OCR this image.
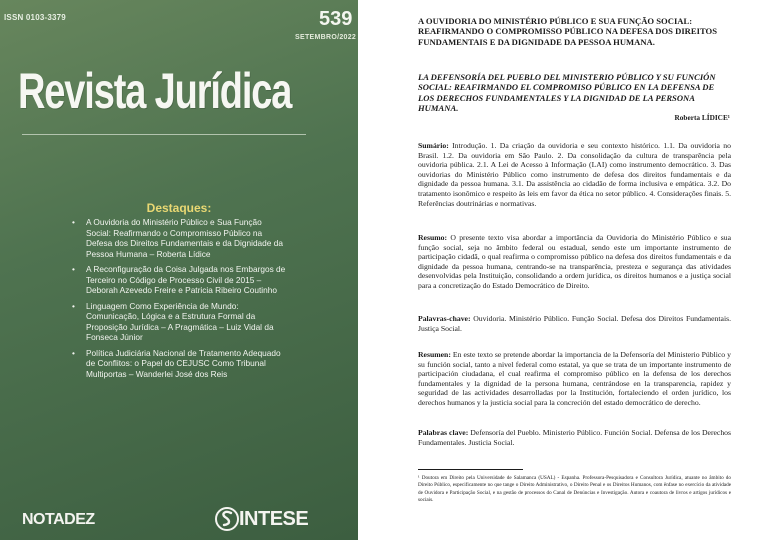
ISSN 0103-3379	539
SETEMBRO/2022
Revista Jurídica
Destaques:
• A Ouvidoria do Ministério Público e Sua Função Social: Reafirmando o Compromisso Público na Defesa dos Direitos Fundamentais e da Dignidade da Pessoa Humana – Roberta Lídice
• A Reconfiguração da Coisa Julgada nos Embargos de Terceiro no Código de Processo Civil de 2015 – Deborah Azevedo Freire e Patricia Ribeiro Coutinho
• Linguagem Como Experiência de Mundo: Comunicação, Lógica e a Estrutura Formal da Proposição Jurídica – A Pragmática – Luiz Vidal da Fonseca Júnior
• Política Judiciária Nacional de Tratamento Adequado de Conflitos: o Papel do CEJUSC Como Tribunal Multiportas – Wanderlei José dos Reis
NOTADEZ	INTESE
A OUVIDORIA DO MINISTÉRIO PÚBLICO E SUA FUNÇÃO SOCIAL: REAFIRMANDO O COMPROMISSO PÚBLICO NA DEFESA DOS DIREITOS FUNDAMENTAIS E DA DIGNIDADE DA PESSOA HUMANA.
LA DEFENSORÍA DEL PUEBLO DEL MINISTERIO PÚBLICO Y SU FUNCIÓN SOCIAL: REAFIRMANDO EL COMPROMISO PÚBLICO EN LA DEFENSA DE LOS DERECHOS FUNDAMENTALES Y LA DIGNIDAD DE LA PERSONA HUMANA.
Roberta LÍDICE¹
Sumário: Introdução. 1. Da criação da ouvidoria e seu contexto histórico. 1.1. Da ouvidoria no Brasil. 1.2. Da ouvidoria em São Paulo. 2. Da consolidação da cultura de transparência pela ouvidoria pública. 2.1. A Lei de Acesso à Informação (LAI) como instrumento democrático. 3. Das ouvidorias do Ministério Público como instrumento de defesa dos direitos fundamentais e da dignidade da pessoa humana. 3.1. Da assistência ao cidadão de forma inclusiva e empática. 3.2. Do tratamento isonômico e respeito às leis em favor da ética no setor público. 4. Considerações finais. 5. Referências doutrinárias e normativas.
Resumo: O presente texto visa abordar a importância da Ouvidoria do Ministério Público e sua função social, seja no âmbito federal ou estadual, sendo este um importante instrumento de participação cidadã, o qual reafirma o compromisso público na defesa dos direitos fundamentais e da dignidade da pessoa humana, centrando-se na transparência, presteza e segurança das atividades desenvolvidas pela Instituição, consolidando a ordem jurídica, os direitos humanos e a justiça social para a concretização do Estado Democrático de Direito.
Palavras-chave: Ouvidoria. Ministério Público. Função Social. Defesa dos Direitos Fundamentais. Justiça Social.
Resumen: En este texto se pretende abordar la importancia de la Defensoría del Ministerio Público y su función social, tanto a nivel federal como estatal, ya que se trata de un importante instrumento de participación ciudadana, el cual reafirma el compromiso público en la defensa de los derechos fundamentales y la dignidad de la persona humana, centrándose en la transparencia, rapidez y seguridad de las actividades desarrolladas por la Institución, fortaleciendo el orden jurídico, los derechos humanos y la justicia social para la concreción del estado democrático de derecho.
Palabras clave: Defensoría del Pueblo. Ministerio Público. Función Social. Defensa de los Derechos Fundamentales. Justicia Social.
¹ Doutora em Direito pela Universidade de Salamanca (USAL) - Espanha. Professora-Pesquisadora e Consultora Jurídica, atuante no âmbito do Direito Público, especificamente no que tange o Direito Administrativo, o Direito Penal e os Direitos Humanos, com ênfase no exercício da atividade de Ouvidora e Participação Social, e na gestão de processos do Canal de Denúncias e Investigação. Autora e coautora de livros e artigos jurídicos e sociais.
